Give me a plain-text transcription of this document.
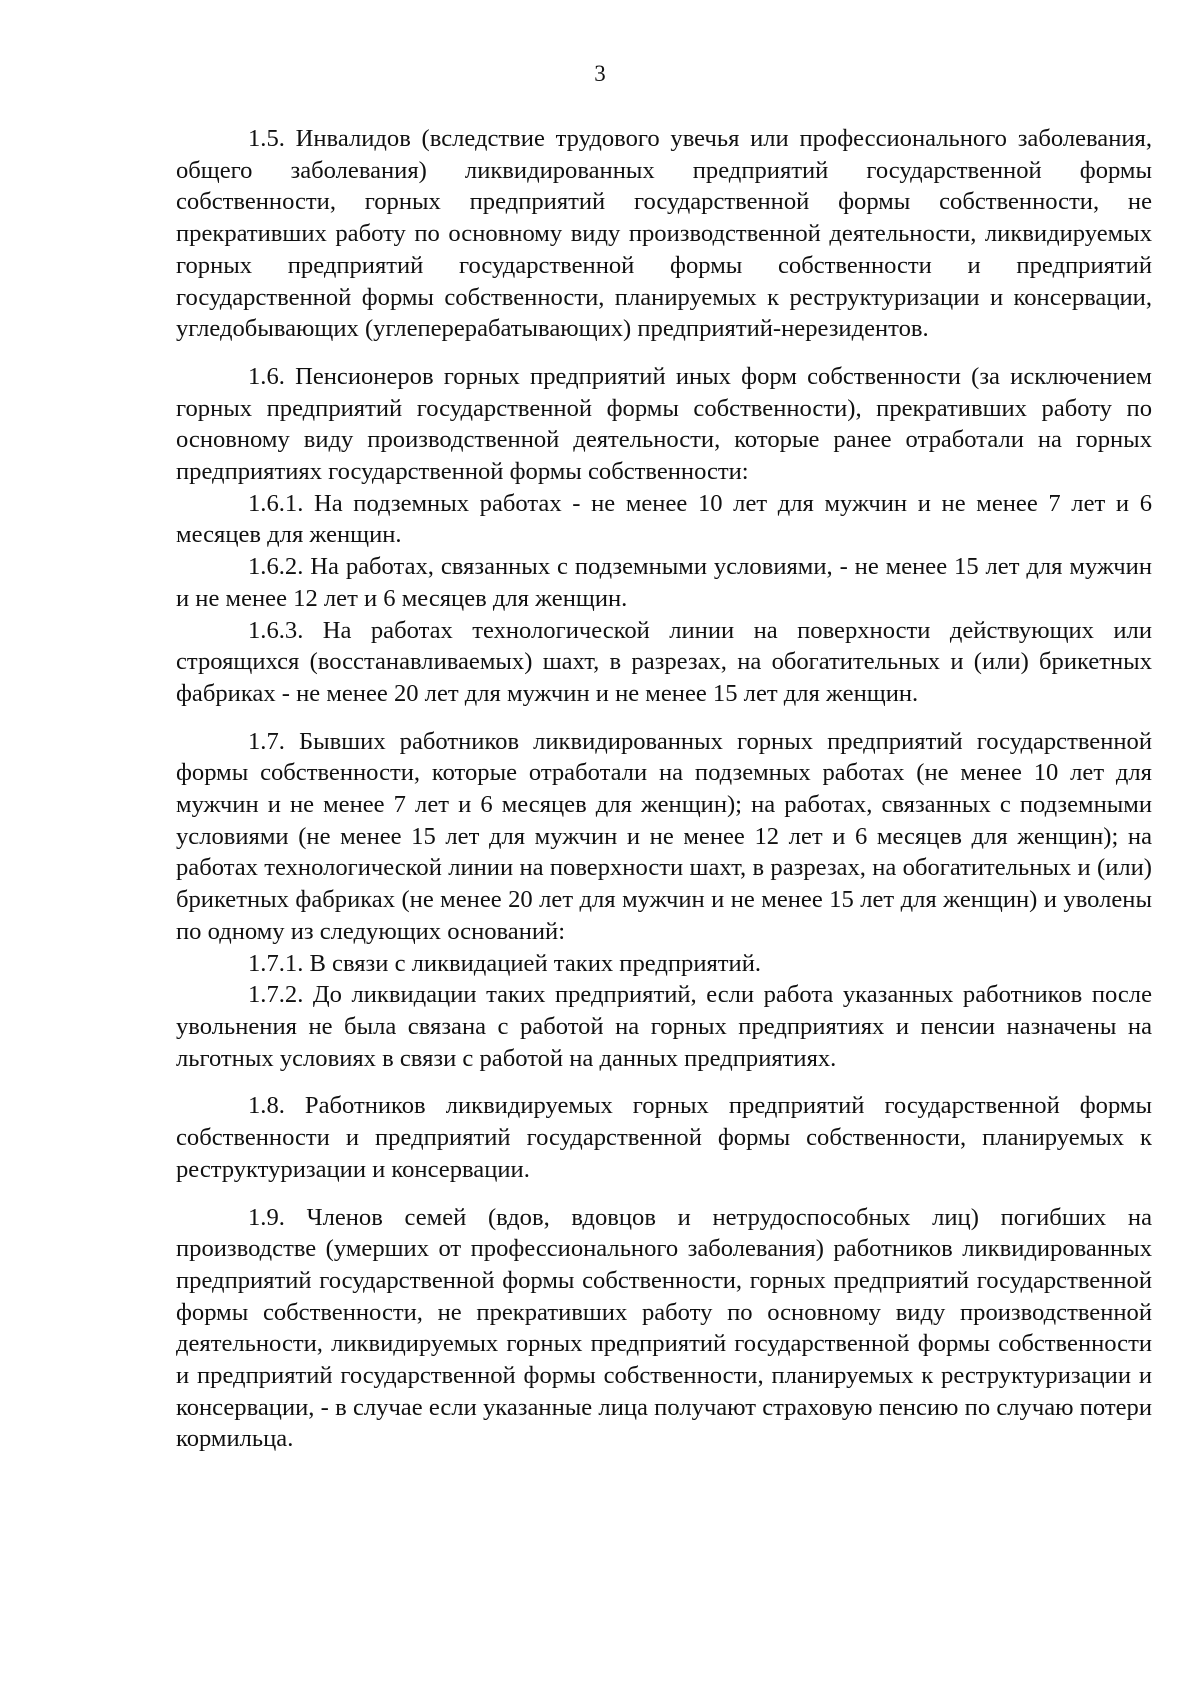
3

1.5. Инвалидов (вследствие трудового увечья или профессионального заболевания, общего заболевания) ликвидированных предприятий государственной формы собственности, горных предприятий государственной формы собственности, не прекративших работу по основному виду производственной деятельности, ликвидируемых горных предприятий государственной формы собственности и предприятий государственной формы собственности, планируемых к реструктуризации и консервации, угледобывающих (углеперерабатывающих) предприятий-нерезидентов.

1.6. Пенсионеров горных предприятий иных форм собственности (за исключением горных предприятий государственной формы собственности), прекративших работу по основному виду производственной деятельности, которые ранее отработали на горных предприятиях государственной формы собственности:

1.6.1. На подземных работах - не менее 10 лет для мужчин и не менее 7 лет и 6 месяцев для женщин.

1.6.2. На работах, связанных с подземными условиями, - не менее 15 лет для мужчин и не менее 12 лет и 6 месяцев для женщин.

1.6.3. На работах технологической линии на поверхности действующих или строящихся (восстанавливаемых) шахт, в разрезах, на обогатительных и (или) брикетных фабриках - не менее 20 лет для мужчин и не менее 15 лет для женщин.

1.7. Бывших работников ликвидированных горных предприятий государственной формы собственности, которые отработали на подземных работах (не менее 10 лет для мужчин и не менее 7 лет и 6 месяцев для женщин); на работах, связанных с подземными условиями (не менее 15 лет для мужчин и не менее 12 лет и 6 месяцев для женщин); на работах технологической линии на поверхности шахт, в разрезах, на обогатительных и (или) брикетных фабриках (не менее 20 лет для мужчин и не менее 15 лет для женщин) и уволены по одному из следующих оснований:

1.7.1. В связи с ликвидацией таких предприятий.

1.7.2. До ликвидации таких предприятий, если работа указанных работников после увольнения не была связана с работой на горных предприятиях и пенсии назначены на льготных условиях в связи с работой на данных предприятиях.

1.8. Работников ликвидируемых горных предприятий государственной формы собственности и предприятий государственной формы собственности, планируемых к реструктуризации и консервации.

1.9. Членов семей (вдов, вдовцов и нетрудоспособных лиц) погибших на производстве (умерших от профессионального заболевания) работников ликвидированных предприятий государственной формы собственности, горных предприятий государственной формы собственности, не прекративших работу по основному виду производственной деятельности, ликвидируемых горных предприятий государственной формы собственности и предприятий государственной формы собственности, планируемых к реструктуризации и консервации, - в случае если указанные лица получают страховую пенсию по случаю потери кормильца.
